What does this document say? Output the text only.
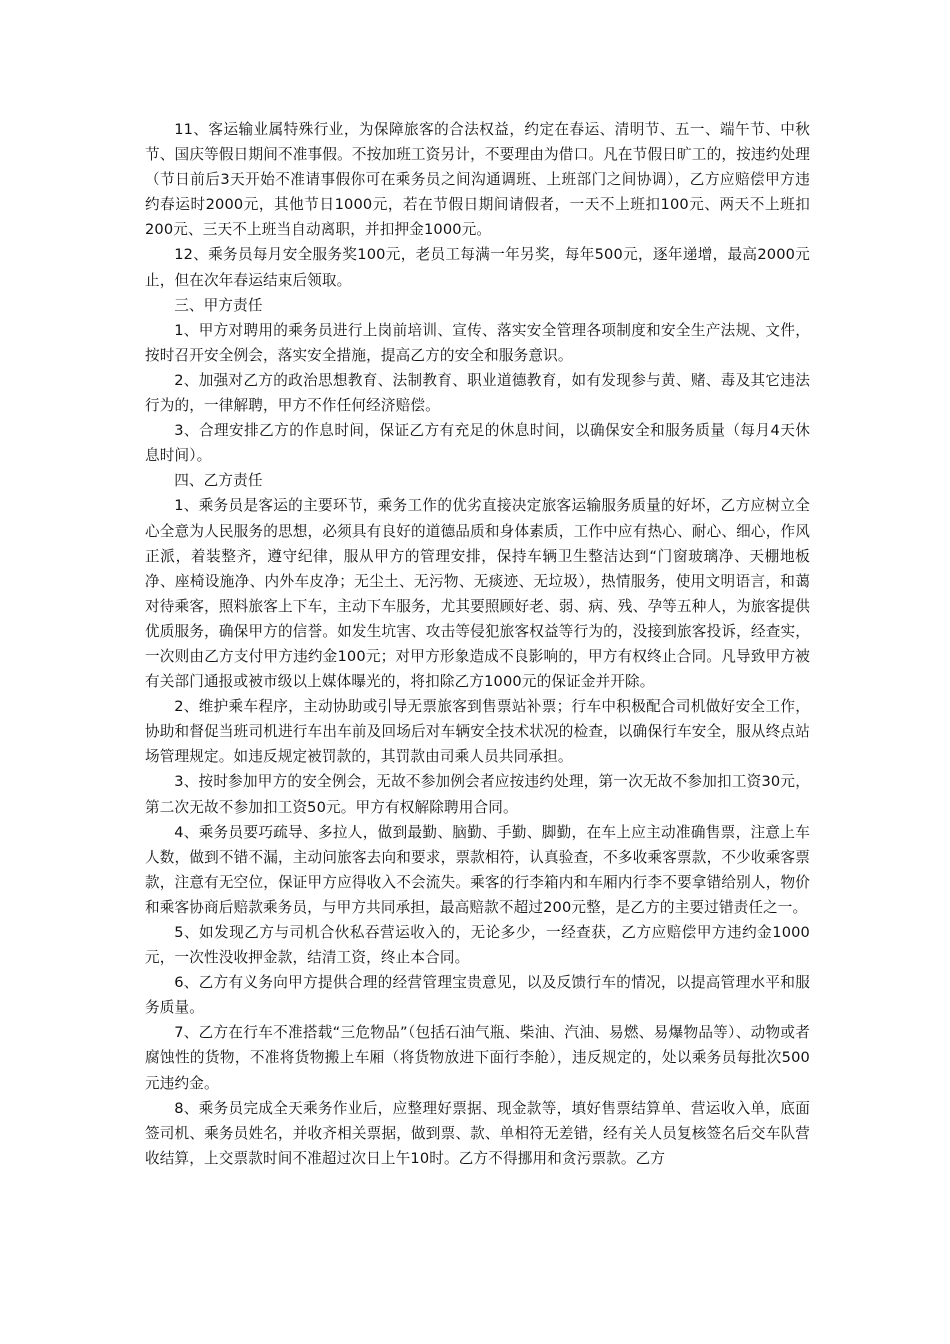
11、客运输业属特殊行业，为保障旅客的合法权益，约定在春运、清明节、五一、端午节、中秋节、国庆等假日期间不准事假。不按加班工资另计，不要理由为借口。凡在节假日旷工的，按违约处理（节日前后3天开始不准请事假你可在乘务员之间沟通调班、上班部门之间协调），乙方应赔偿甲方违约春运时2000元，其他节日1000元，若在节假日期间请假者，一天不上班扣100元、两天不上班扣200元、三天不上班当自动离职，并扣押金1000元。

12、乘务员每月安全服务奖100元，老员工每满一年另奖，每年500元，逐年递增，最高2000元止，但在次年春运结束后领取。

三、甲方责任

1、甲方对聘用的乘务员进行上岗前培训、宣传、落实安全管理各项制度和安全生产法规、文件，按时召开安全例会，落实安全措施，提高乙方的安全和服务意识。

2、加强对乙方的政治思想教育、法制教育、职业道德教育，如有发现参与黄、赌、毒及其它违法行为的，一律解聘，甲方不作任何经济赔偿。

3、合理安排乙方的作息时间，保证乙方有充足的休息时间，以确保安全和服务质量（每月4天休息时间）。

四、乙方责任

1、乘务员是客运的主要环节，乘务工作的优劣直接决定旅客运输服务质量的好坏，乙方应树立全心全意为人民服务的思想，必须具有良好的道德品质和身体素质，工作中应有热心、耐心、细心，作风正派，着装整齐，遵守纪律，服从甲方的管理安排，保持车辆卫生整洁达到“门窗玻璃净、天棚地板净、座椅设施净、内外车皮净；无尘土、无污物、无痰迹、无垃圾），热情服务，使用文明语言，和蔼对待乘客，照料旅客上下车，主动下车服务，尤其要照顾好老、弱、病、残、孕等五种人，为旅客提供优质服务，确保甲方的信誉。如发生坑害、攻击等侵犯旅客权益等行为的，没接到旅客投诉，经查实，一次则由乙方支付甲方违约金100元；对甲方形象造成不良影响的，甲方有权终止合同。凡导致甲方被有关部门通报或被市级以上媒体曝光的，将扣除乙方1000元的保证金并开除。

2、维护乘车程序，主动协助或引导无票旅客到售票站补票；行车中积极配合司机做好安全工作，协助和督促当班司机进行车出车前及回场后对车辆安全技术状况的检查，以确保行车安全，服从终点站场管理规定。如违反规定被罚款的，其罚款由司乘人员共同承担。

3、按时参加甲方的安全例会，无故不参加例会者应按违约处理，第一次无故不参加扣工资30元，第二次无故不参加扣工资50元。甲方有权解除聘用合同。

4、乘务员要巧疏导、多拉人，做到最勤、脑勤、手勤、脚勤，在车上应主动准确售票，注意上车人数，做到不错不漏，主动问旅客去向和要求，票款相符，认真验查，不多收乘客票款，不少收乘客票款，注意有无空位，保证甲方应得收入不会流失。乘客的行李箱内和车厢内行李不要拿错给别人，物价和乘客协商后赔款乘务员，与甲方共同承担，最高赔款不超过200元整，是乙方的主要过错责任之一。

5、如发现乙方与司机合伙私吞营运收入的，无论多少，一经查获，乙方应赔偿甲方违约金1000元，一次性没收押金款，结清工资，终止本合同。

6、乙方有义务向甲方提供合理的经营管理宝贵意见，以及反馈行车的情况，以提高管理水平和服务质量。

7、乙方在行车不准搭载“三危物品”（包括石油气瓶、柴油、汽油、易燃、易爆物品等）、动物或者腐蚀性的货物，不准将货物搬上车厢（将货物放进下面行李舱），违反规定的，处以乘务员每批次500元违约金。

8、乘务员完成全天乘务作业后，应整理好票据、现金款等，填好售票结算单、营运收入单，底面签司机、乘务员姓名，并收齐相关票据，做到票、款、单相符无差错，经有关人员复核签名后交车队营收结算，上交票款时间不准超过次日上午10时。乙方不得挪用和贪污票款。乙方
